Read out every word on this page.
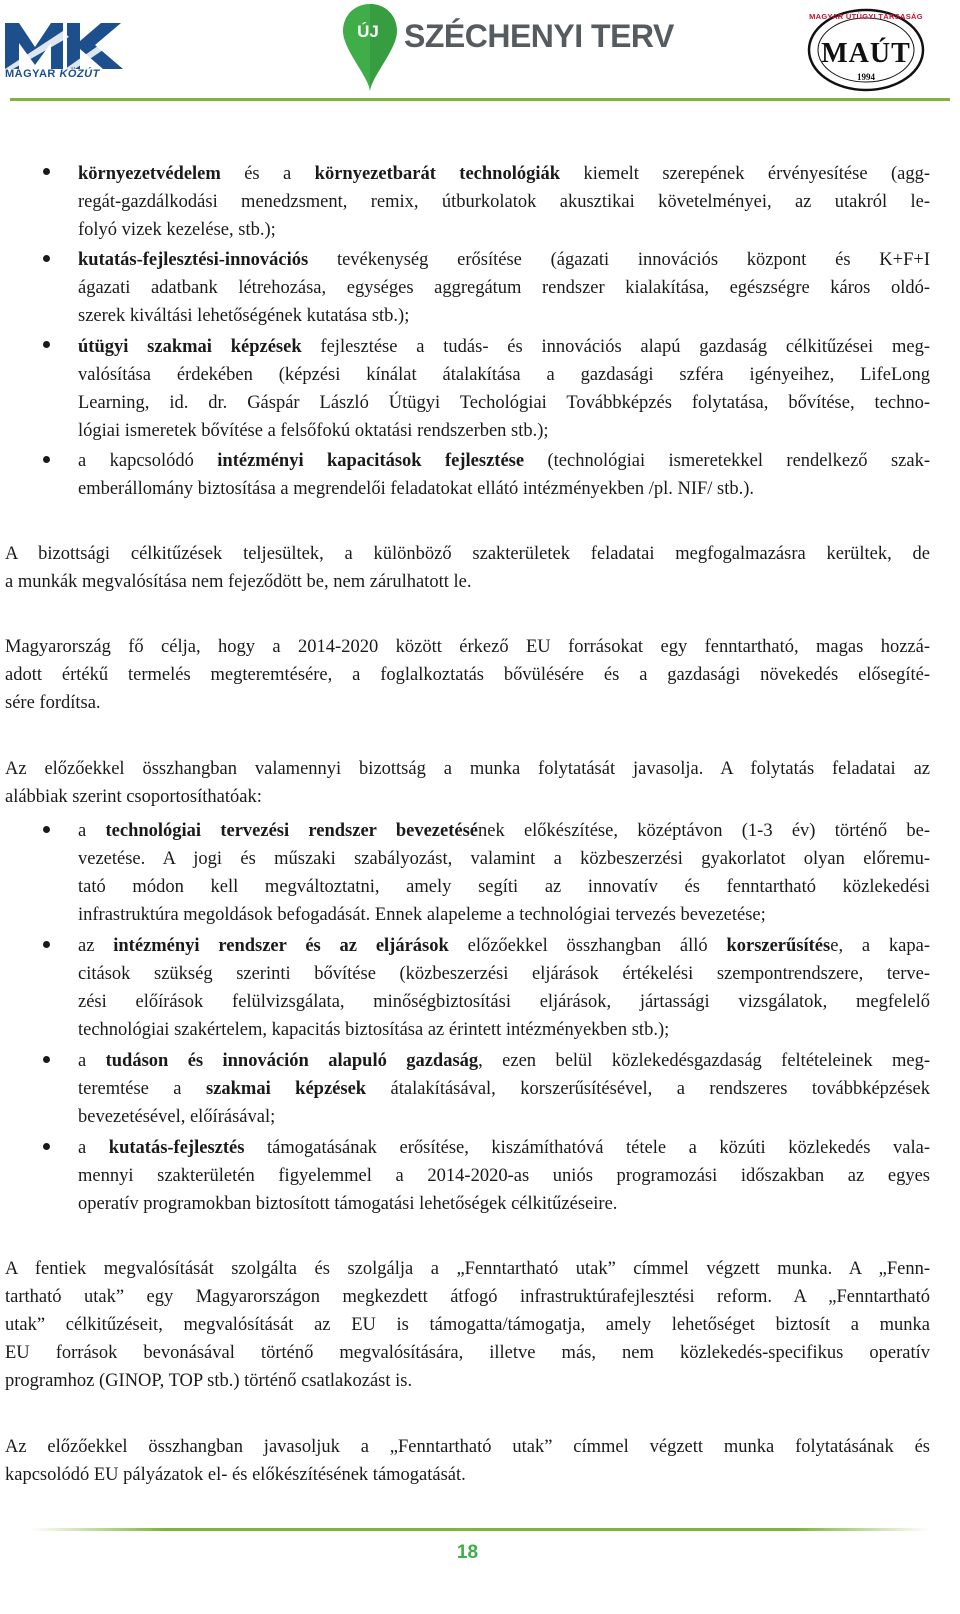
MAGYAR KÖZÚT
ÚJ SZÉCHENYI TERV
MAGYAR ÚTÜGYI TÁRSASÁG
MAÚT
1994
környezetvédelem és a környezetbarát technológiák kiemelt szerepének érvényesítése (agg-
regát-gazdálkodási menedzsment, remix, útburkolatok akusztikai követelményei, az utakról le-
folyó vizek kezelése, stb.);
kutatás-fejlesztési-innovációs tevékenység erősítése (ágazati innovációs központ és K+F+I
ágazati adatbank létrehozása, egységes aggregátum rendszer kialakítása, egészségre káros oldó-
szerek kiváltási lehetőségének kutatása stb.);
útügyi szakmai képzések fejlesztése a tudás- és innovációs alapú gazdaság célkitűzései meg-
valósítása érdekében (képzési kínálat átalakítása a gazdasági szféra igényeihez, LifeLong
Learning, id. dr. Gáspár László Útügyi Techológiai Továbbképzés folytatása, bővítése, techno-
lógiai ismeretek bővítése a felsőfokú oktatási rendszerben stb.);
a kapcsolódó intézményi kapacitások fejlesztése (technológiai ismeretekkel rendelkező szak-
emberállomány biztosítása a megrendelői feladatokat ellátó intézményekben /pl. NIF/ stb.).
A bizottsági célkitűzések teljesültek, a különböző szakterületek feladatai megfogalmazásra kerültek, de
a munkák megvalósítása nem fejeződött be, nem zárulhatott le.
Magyarország fő célja, hogy a 2014-2020 között érkező EU forrásokat egy fenntartható, magas hozzá-
adott értékű termelés megteremtésére, a foglalkoztatás bővülésére és a gazdasági növekedés elősegíté-
sére fordítsa.
Az előzőekkel összhangban valamennyi bizottság a munka folytatását javasolja. A folytatás feladatai az
alábbiak szerint csoportosíthatóak:
a technológiai tervezési rendszer bevezetésének előkészítése, középtávon (1-3 év) történő be-
vezetése. A jogi és műszaki szabályozást, valamint a közbeszerzési gyakorlatot olyan előremu-
tató módon kell megváltoztatni, amely segíti az innovatív és fenntartható közlekedési
infrastruktúra megoldások befogadását. Ennek alapeleme a technológiai tervezés bevezetése;
az intézményi rendszer és az eljárások előzőekkel összhangban álló korszerűsítése, a kapa-
citások szükség szerinti bővítése (közbeszerzési eljárások értékelési szempontrendszere, terve-
zési előírások felülvizsgálata, minőségbiztosítási eljárások, jártassági vizsgálatok, megfelelő
technológiai szakértelem, kapacitás biztosítása az érintett intézményekben stb.);
a tudáson és innováción alapuló gazdaság, ezen belül közlekedésgazdaság feltételeinek meg-
teremtése a szakmai képzések átalakításával, korszerűsítésével, a rendszeres továbbképzések
bevezetésével, előírásával;
a kutatás-fejlesztés támogatásának erősítése, kiszámíthatóvá tétele a közúti közlekedés vala-
mennyi szakterületén figyelemmel a 2014-2020-as uniós programozási időszakban az egyes
operatív programokban biztosított támogatási lehetőségek célkitűzéseire.
A fentiek megvalósítását szolgálta és szolgálja a „Fenntartható utak” címmel végzett munka. A „Fenn-
tartható utak” egy Magyarországon megkezdett átfogó infrastruktúrafejlesztési reform. A „Fenntartható
utak” célkitűzéseit, megvalósítását az EU is támogatta/támogatja, amely lehetőséget biztosít a munka
EU források bevonásával történő megvalósítására, illetve más, nem közlekedés-specifikus operatív
programhoz (GINOP, TOP stb.) történő csatlakozást is.
Az előzőekkel összhangban javasoljuk a „Fenntartható utak” címmel végzett munka folytatásának és
kapcsolódó EU pályázatok el- és előkészítésének támogatását.
18
